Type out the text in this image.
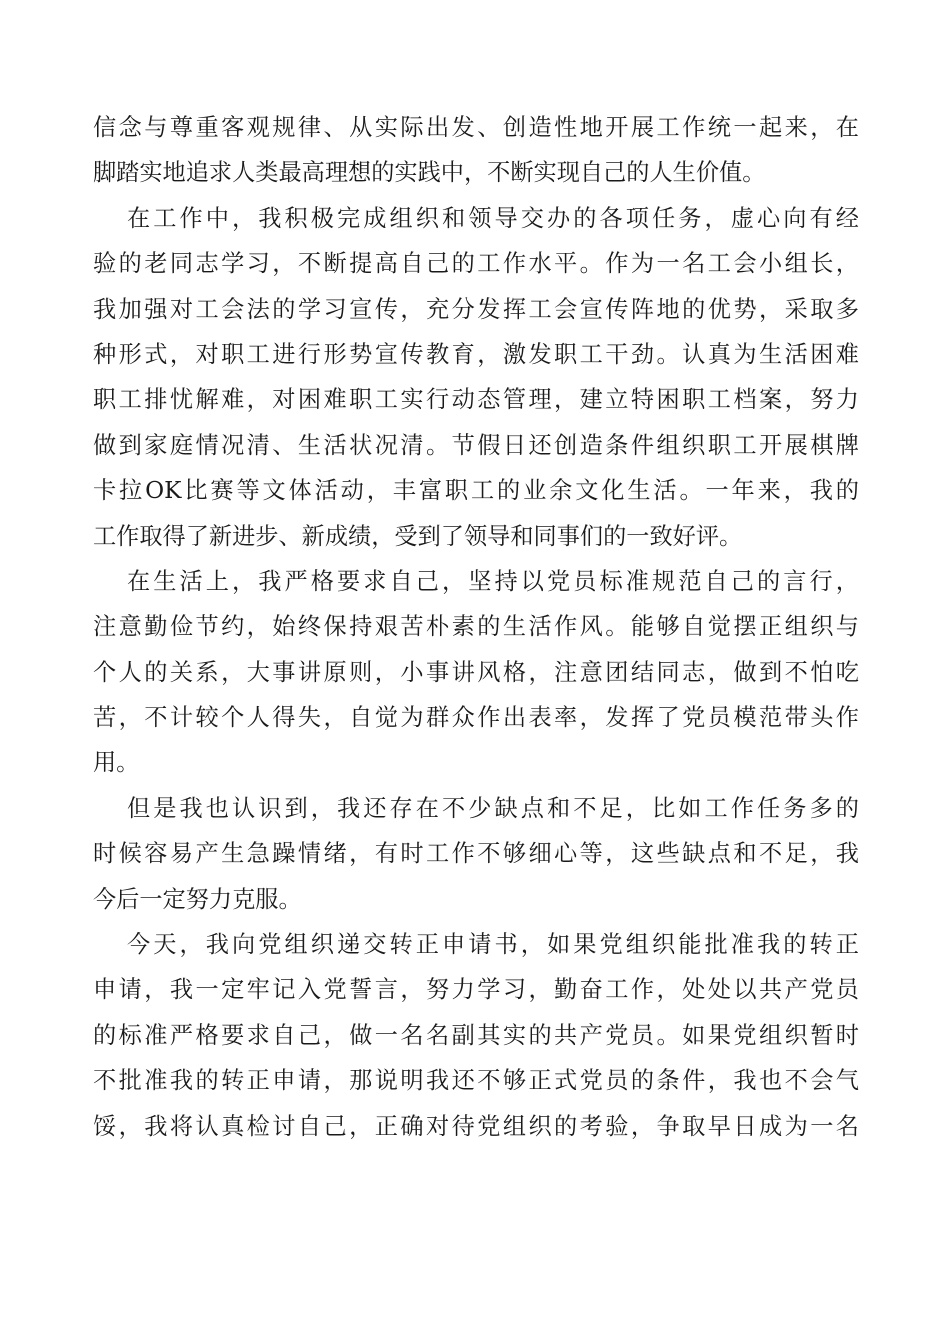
信念与尊重客观规律、从实际出发、创造性地开展工作统一起来，在
脚踏实地追求人类最高理想的实践中，不断实现自己的人生价值。
在工作中，我积极完成组织和领导交办的各项任务，虚心向有经
验的老同志学习，不断提高自己的工作水平。作为一名工会小组长，
我加强对工会法的学习宣传，充分发挥工会宣传阵地的优势，采取多
种形式，对职工进行形势宣传教育，激发职工干劲。认真为生活困难
职工排忧解难，对困难职工实行动态管理，建立特困职工档案，努力
做到家庭情况清、生活状况清。节假日还创造条件组织职工开展棋牌
卡拉OK比赛等文体活动，丰富职工的业余文化生活。一年来，我的
工作取得了新进步、新成绩，受到了领导和同事们的一致好评。
在生活上，我严格要求自己，坚持以党员标准规范自己的言行，
注意勤俭节约，始终保持艰苦朴素的生活作风。能够自觉摆正组织与
个人的关系，大事讲原则，小事讲风格，注意团结同志，做到不怕吃
苦，不计较个人得失，自觉为群众作出表率，发挥了党员模范带头作
用。
但是我也认识到，我还存在不少缺点和不足，比如工作任务多的
时候容易产生急躁情绪，有时工作不够细心等，这些缺点和不足，我
今后一定努力克服。
今天，我向党组织递交转正申请书，如果党组织能批准我的转正
申请，我一定牢记入党誓言，努力学习，勤奋工作，处处以共产党员
的标准严格要求自己，做一名名副其实的共产党员。如果党组织暂时
不批准我的转正申请，那说明我还不够正式党员的条件，我也不会气
馁，我将认真检讨自己，正确对待党组织的考验，争取早日成为一名
